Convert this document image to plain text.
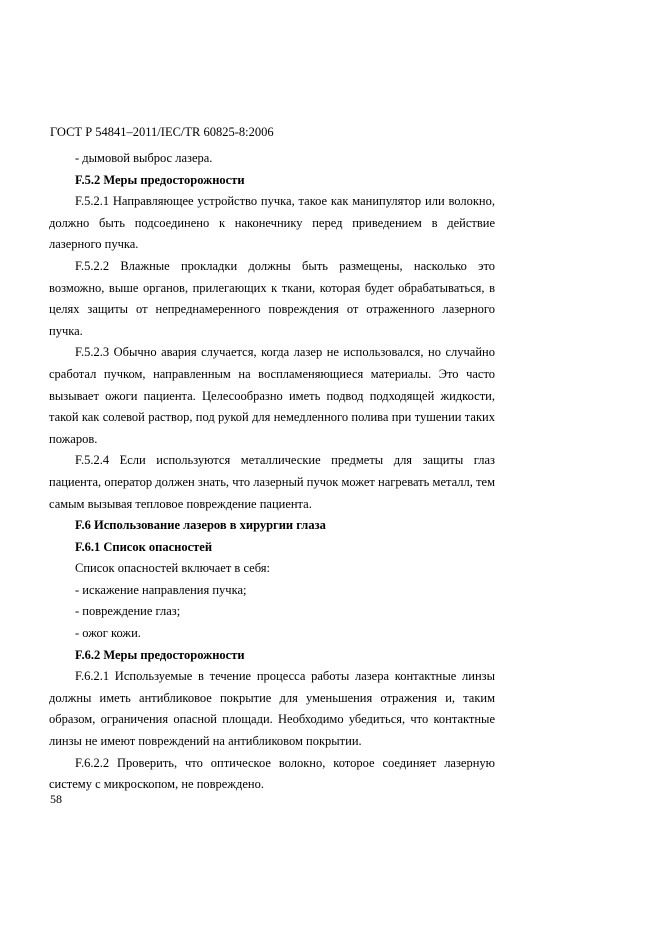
ГОСТ Р 54841–2011/IEC/TR 60825-8:2006

- дымовой выброс лазера.

F.5.2 Меры предосторожности

F.5.2.1 Направляющее устройство пучка, такое как манипулятор или волокно, должно быть подсоединено к наконечнику перед приведением в действие лазерного пучка.

F.5.2.2 Влажные прокладки должны быть размещены, насколько это возможно, выше органов, прилегающих к ткани, которая будет обрабатываться, в целях защиты от непреднамеренного повреждения от отраженного лазерного пучка.

F.5.2.3 Обычно авария случается, когда лазер не использовался, но случайно сработал пучком, направленным на воспламеняющиеся материалы. Это часто вызывает ожоги пациента. Целесообразно иметь подвод подходящей жидкости, такой как солевой раствор, под рукой для немедленного полива при тушении таких пожаров.

F.5.2.4 Если используются металлические предметы для защиты глаз пациента, оператор должен знать, что лазерный пучок может нагревать металл, тем самым вызывая тепловое повреждение пациента.

F.6 Использование лазеров в хирургии глаза

F.6.1 Список опасностей

Список опасностей включает в себя:

- искажение направления пучка;

- повреждение глаз;

- ожог кожи.

F.6.2 Меры предосторожности

F.6.2.1 Используемые в течение процесса работы лазера контактные линзы должны иметь антибликовое покрытие для уменьшения отражения и, таким образом, ограничения опасной площади. Необходимо убедиться, что контактные линзы не имеют повреждений на антибликовом покрытии.

F.6.2.2 Проверить, что оптическое волокно, которое соединяет лазерную систему с микроскопом, не повреждено.

58
